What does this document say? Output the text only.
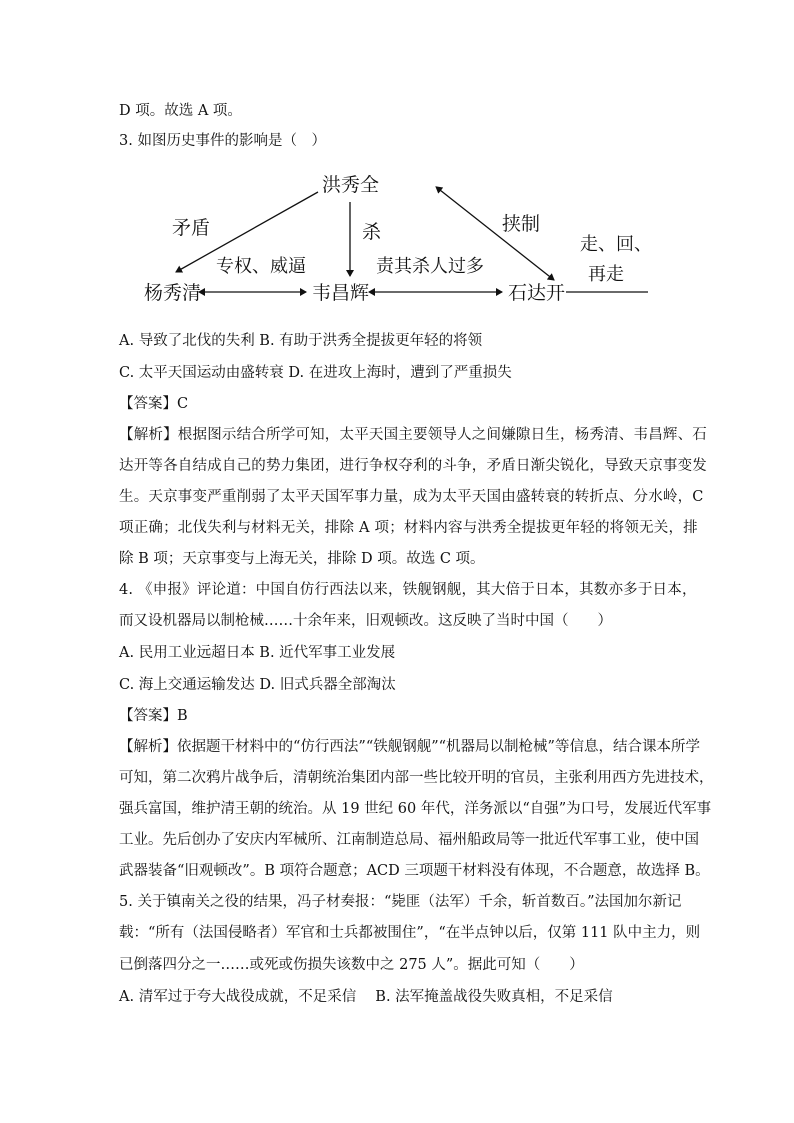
D 项。故选 A 项。
3. 如图历史事件的影响是（　）
洪秀全
杨秀清	韦昌辉	石达开
矛盾	杀	挟制
专权、威逼	责其杀人过多
走、回、
再走
A. 导致了北伐的失利 B. 有助于洪秀全提拔更年轻的将领
C. 太平天国运动由盛转衰 D. 在进攻上海时，遭到了严重损失
【答案】C
【解析】根据图示结合所学可知，太平天国主要领导人之间嫌隙日生，杨秀清、韦昌辉、石
达开等各自结成自己的势力集团，进行争权夺利的斗争，矛盾日渐尖锐化，导致天京事变发
生。天京事变严重削弱了太平天国军事力量，成为太平天国由盛转衰的转折点、分水岭，C
项正确；北伐失利与材料无关，排除 A 项；材料内容与洪秀全提拔更年轻的将领无关，排
除 B 项；天京事变与上海无关，排除 D 项。故选 C 项。
4. 《申报》评论道：中国自仿行西法以来，铁舰钢舰，其大倍于日本，其数亦多于日本，
而又设机器局以制枪械……十余年来，旧观顿改。这反映了当时中国（　　）
A. 民用工业远超日本 B. 近代军事工业发展
C. 海上交通运输发达 D. 旧式兵器全部淘汰
【答案】B
【解析】依据题干材料中的“仿行西法”“铁舰钢舰”“机器局以制枪械”等信息，结合课本所学
可知，第二次鸦片战争后，清朝统治集团内部一些比较开明的官员，主张利用西方先进技术，
强兵富国，维护清王朝的统治。从 19 世纪 60 年代，洋务派以“自强”为口号，发展近代军事
工业。先后创办了安庆内军械所、江南制造总局、福州船政局等一批近代军事工业，使中国
武器装备“旧观顿改”。B 项符合题意；ACD 三项题干材料没有体现，不合题意，故选择 B。
5. 关于镇南关之役的结果，冯子材奏报：“毙匪（法军）千余，斩首数百。”法国加尔新记
载：“所有（法国侵略者）军官和士兵都被围住”，“在半点钟以后，仅第 111 队中主力，则
已倒落四分之一……或死或伤损失该数中之 275 人”。据此可知（　　）
A. 清军过于夸大战役成就，不足采信　 B. 法军掩盖战役失败真相，不足采信
